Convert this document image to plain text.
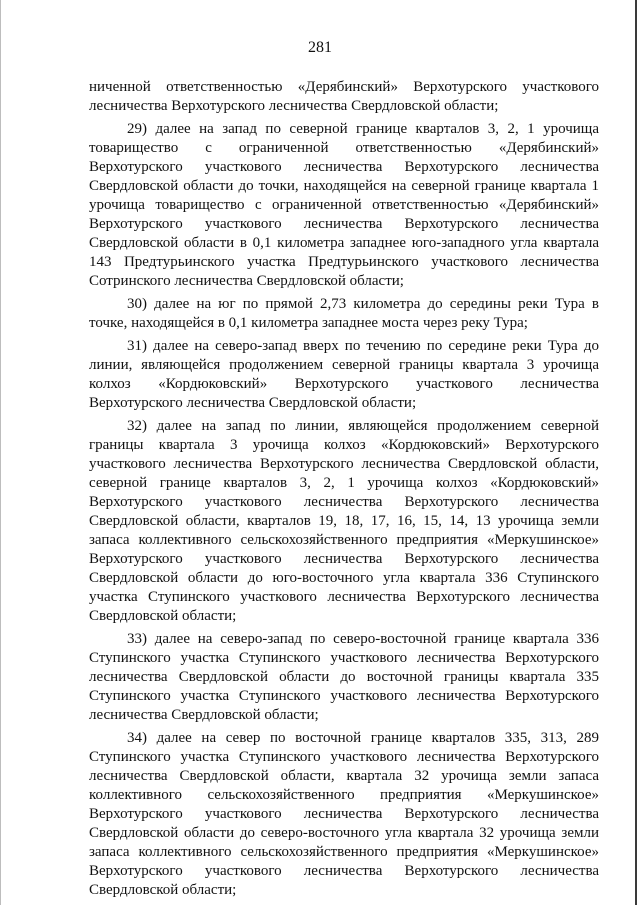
281

ниченной ответственностью «Дерябинский» Верхотурского участкового лесничества Верхотурского лесничества Свердловской области;

29) далее на запад по северной границе кварталов 3, 2, 1 урочища товарищество с ограниченной ответственностью «Дерябинский» Верхотурского участкового лесничества Верхотурского лесничества Свердловской области до точки, находящейся на северной границе квартала 1 урочища товарищество с ограниченной ответственностью «Дерябинский» Верхотурского участкового лесничества Верхотурского лесничества Свердловской области в 0,1 километра западнее юго-западного угла квартала 143 Предтурьинского участка Предтурьинского участкового лесничества Сотринского лесничества Свердловской области;

30) далее на юг по прямой 2,73 километра до середины реки Тура в точке, находящейся в 0,1 километра западнее моста через реку Тура;

31) далее на северо-запад вверх по течению по середине реки Тура до линии, являющейся продолжением северной границы квартала 3 урочища колхоз «Кордюковский» Верхотурского участкового лесничества Верхотурского лесничества Свердловской области;

32) далее на запад по линии, являющейся продолжением северной границы квартала 3 урочища колхоз «Кордюковский» Верхотурского участкового лесничества Верхотурского лесничества Свердловской области, северной границе кварталов 3, 2, 1 урочища колхоз «Кордюковский» Верхотурского участкового лесничества Верхотурского лесничества Свердловской области, кварталов 19, 18, 17, 16, 15, 14, 13 урочища земли запаса коллективного сельскохозяйственного предприятия «Меркушинское» Верхотурского участкового лесничества Верхотурского лесничества Свердловской области до юго-восточного угла квартала 336 Ступинского участка Ступинского участкового лесничества Верхотурского лесничества Свердловской области;

33) далее на северо-запад по северо-восточной границе квартала 336 Ступинского участка Ступинского участкового лесничества Верхотурского лесничества Свердловской области до восточной границы квартала 335 Ступинского участка Ступинского участкового лесничества Верхотурского лесничества Свердловской области;

34) далее на север по восточной границе кварталов 335, 313, 289 Ступинского участка Ступинского участкового лесничества Верхотурского лесничества Свердловской области, квартала 32 урочища земли запаса коллективного сельскохозяйственного предприятия «Меркушинское» Верхотурского участкового лесничества Верхотурского лесничества Свердловской области до северо-восточного угла квартала 32 урочища земли запаса коллективного сельскохозяйственного предприятия «Меркушинское» Верхотурского участкового лесничества Верхотурского лесничества Свердловской области;
